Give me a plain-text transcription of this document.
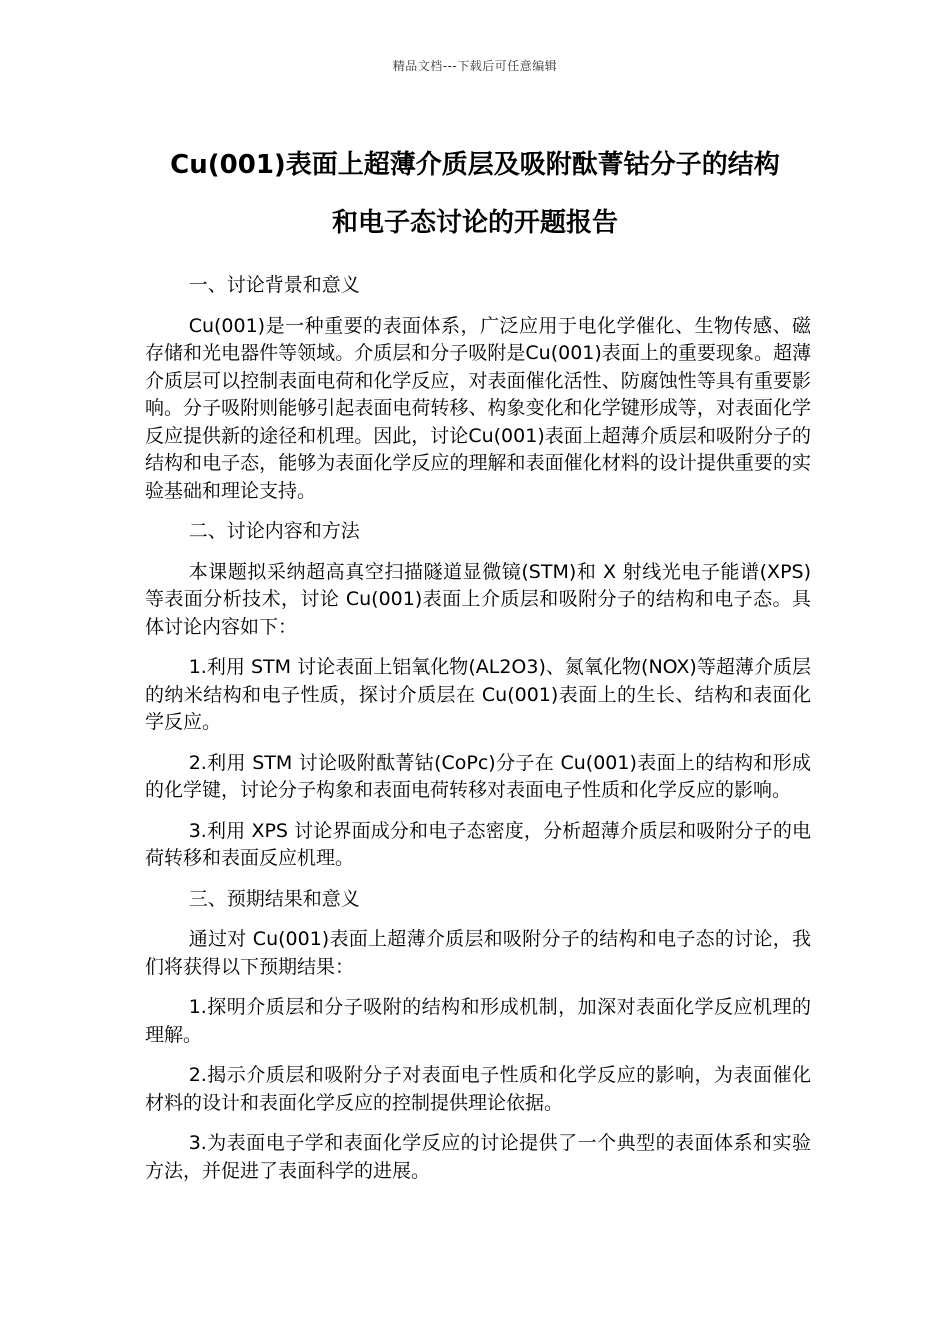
精品文档---下载后可任意编辑
Cu(001)表面上超薄介质层及吸附酞菁钴分子的结构
和电子态讨论的开题报告

一、讨论背景和意义

Cu(001)是一种重要的表面体系，广泛应用于电化学催化、生物传感、磁存储和光电器件等领域。介质层和分子吸附是Cu(001)表面上的重要现象。超薄介质层可以控制表面电荷和化学反应，对表面催化活性、防腐蚀性等具有重要影响。分子吸附则能够引起表面电荷转移、构象变化和化学键形成等，对表面化学反应提供新的途径和机理。因此，讨论Cu(001)表面上超薄介质层和吸附分子的结构和电子态，能够为表面化学反应的理解和表面催化材料的设计提供重要的实验基础和理论支持。

二、讨论内容和方法

本课题拟采纳超高真空扫描隧道显微镜(STM)和 X 射线光电子能谱(XPS)等表面分析技术，讨论 Cu(001)表面上介质层和吸附分子的结构和电子态。具体讨论内容如下：

1.利用 STM 讨论表面上铝氧化物(AL2O3)、氮氧化物(NOX)等超薄介质层的纳米结构和电子性质，探讨介质层在 Cu(001)表面上的生长、结构和表面化学反应。

2.利用 STM 讨论吸附酞菁钴(CoPc)分子在 Cu(001)表面上的结构和形成的化学键，讨论分子构象和表面电荷转移对表面电子性质和化学反应的影响。

3.利用 XPS 讨论界面成分和电子态密度，分析超薄介质层和吸附分子的电荷转移和表面反应机理。

三、预期结果和意义

通过对 Cu(001)表面上超薄介质层和吸附分子的结构和电子态的讨论，我们将获得以下预期结果：

1.探明介质层和分子吸附的结构和形成机制，加深对表面化学反应机理的理解。

2.揭示介质层和吸附分子对表面电子性质和化学反应的影响，为表面催化材料的设计和表面化学反应的控制提供理论依据。

3.为表面电子学和表面化学反应的讨论提供了一个典型的表面体系和实验方法，并促进了表面科学的进展。
